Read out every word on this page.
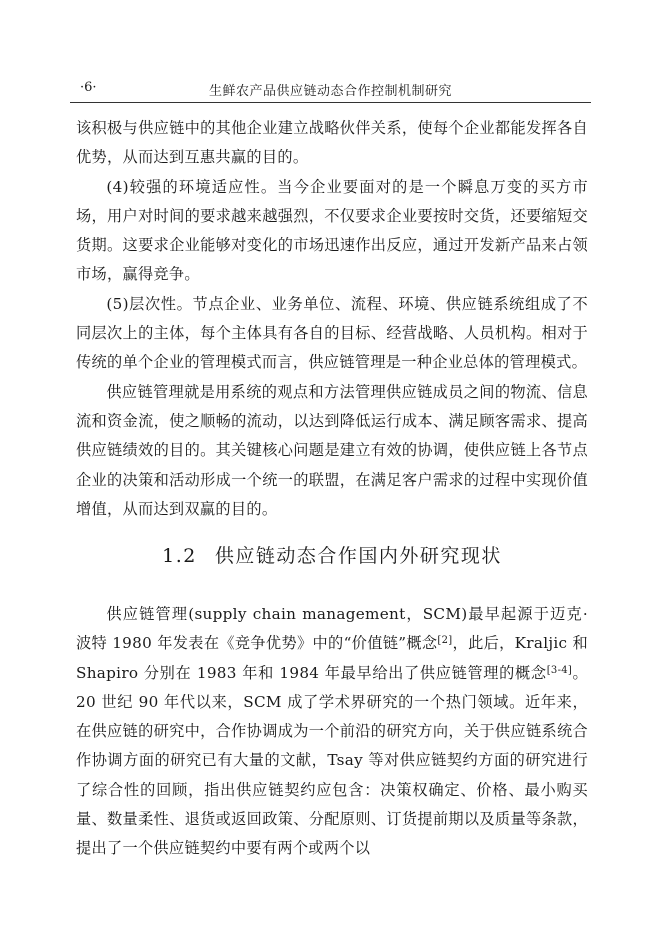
·6·	生鲜农产品供应链动态合作控制机制研究

该积极与供应链中的其他企业建立战略伙伴关系，使每个企业都能发挥各自优势，从而达到互惠共赢的目的。

(4)较强的环境适应性。当今企业要面对的是一个瞬息万变的买方市场，用户对时间的要求越来越强烈，不仅要求企业要按时交货，还要缩短交货期。这要求企业能够对变化的市场迅速作出反应，通过开发新产品来占领市场，赢得竞争。

(5)层次性。节点企业、业务单位、流程、环境、供应链系统组成了不同层次上的主体，每个主体具有各自的目标、经营战略、人员机构。相对于传统的单个企业的管理模式而言，供应链管理是一种企业总体的管理模式。

供应链管理就是用系统的观点和方法管理供应链成员之间的物流、信息流和资金流，使之顺畅的流动，以达到降低运行成本、满足顾客需求、提高供应链绩效的目的。其关键核心问题是建立有效的协调，使供应链上各节点企业的决策和活动形成一个统一的联盟，在满足客户需求的过程中实现价值增值，从而达到双赢的目的。

1.2 供应链动态合作国内外研究现状

供应链管理(supply chain management，SCM)最早起源于迈克·波特 1980 年发表在《竞争优势》中的“价值链”概念[2]，此后，Kraljic 和 Shapiro 分别在 1983 年和 1984 年最早给出了供应链管理的概念[3-4]。20 世纪 90 年代以来，SCM 成了学术界研究的一个热门领域。近年来，在供应链的研究中，合作协调成为一个前沿的研究方向，关于供应链系统合作协调方面的研究已有大量的文献，Tsay 等对供应链契约方面的研究进行了综合性的回顾，指出供应链契约应包含：决策权确定、价格、最小购买量、数量柔性、退货或返回政策、分配原则、订货提前期以及质量等条款，提出了一个供应链契约中要有两个或两个以
